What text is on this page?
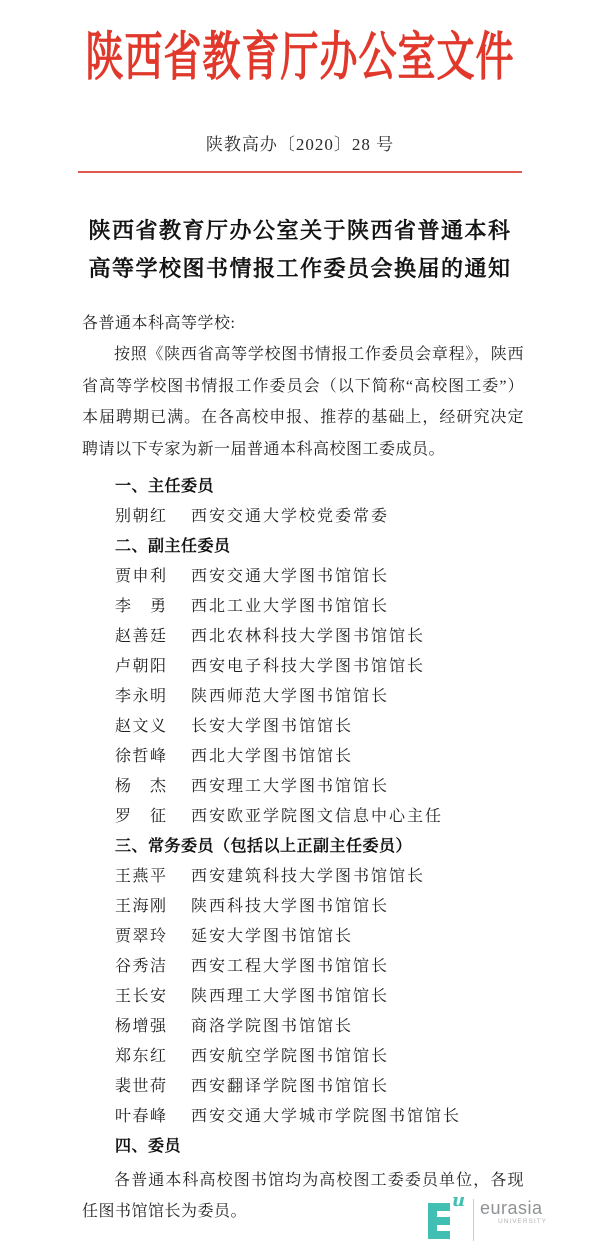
陕西省教育厅办公室文件
陕教高办〔2020〕28 号
陕西省教育厅办公室关于陕西省普通本科
高等学校图书情报工作委员会换届的通知
各普通本科高等学校:

按照《陕西省高等学校图书情报工作委员会章程》，陕西省高等学校图书情报工作委员会（以下简称“高校图工委”）本届聘期已满。在各高校申报、推荐的基础上，经研究决定聘请以下专家为新一届普通本科高校图工委成员。

一、主任委员
别朝红	西安交通大学校党委常委
二、副主任委员
贾申利	西安交通大学图书馆馆长
李　勇	西北工业大学图书馆馆长
赵善廷	西北农林科技大学图书馆馆长
卢朝阳	西安电子科技大学图书馆馆长
李永明	陕西师范大学图书馆馆长
赵文义	长安大学图书馆馆长
徐哲峰	西北大学图书馆馆长
杨　杰	西安理工大学图书馆馆长
罗　征	西安欧亚学院图文信息中心主任
三、常务委员（包括以上正副主任委员）
王燕平	西安建筑科技大学图书馆馆长
王海刚	陕西科技大学图书馆馆长
贾翠玲	延安大学图书馆馆长
谷秀洁	西安工程大学图书馆馆长
王长安	陕西理工大学图书馆馆长
杨增强	商洛学院图书馆馆长
郑东红	西安航空学院图书馆馆长
裴世荷	西安翻译学院图书馆馆长
叶春峰	西安交通大学城市学院图书馆馆长
四、委员

各普通本科高校图书馆均为高校图工委委员单位，各现任图书馆馆长为委员。

u eurasia
UNIVERSITY
